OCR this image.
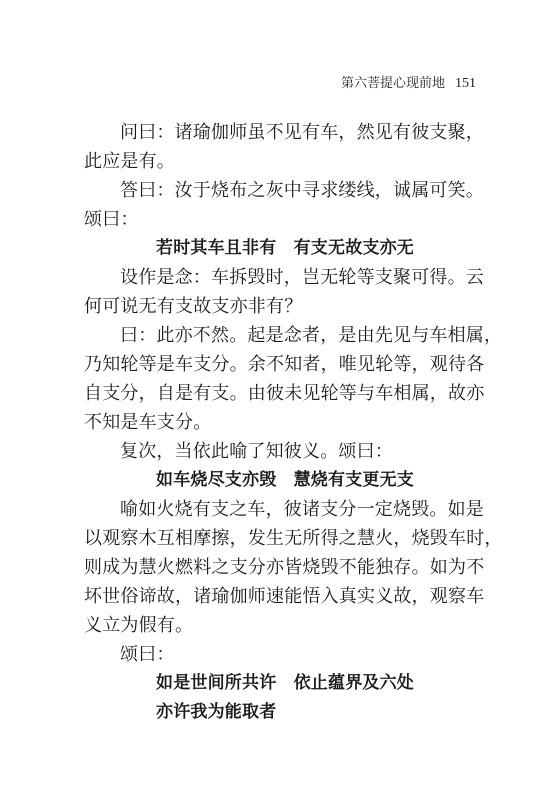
第六菩提心现前地 151
问曰：诸瑜伽师虽不见有车，然见有彼支聚，
此应是有。
答曰：汝于烧布之灰中寻求缕线，诚属可笑。
颂曰：
若时其车且非有　有支无故支亦无
设作是念：车拆毁时，岂无轮等支聚可得。云
何可说无有支故支亦非有？
曰：此亦不然。起是念者，是由先见与车相属，
乃知轮等是车支分。余不知者，唯见轮等，观待各
自支分，自是有支。由彼未见轮等与车相属，故亦
不知是车支分。
复次，当依此喻了知彼义。颂曰：
如车烧尽支亦毁　慧烧有支更无支
喻如火烧有支之车，彼诸支分一定烧毁。如是
以观察木互相摩擦，发生无所得之慧火，烧毁车时，
则成为慧火燃料之支分亦皆烧毁不能独存。如为不
坏世俗谛故，诸瑜伽师速能悟入真实义故，观察车
义立为假有。
颂曰：
如是世间所共许　依止蕴界及六处
亦许我为能取者
